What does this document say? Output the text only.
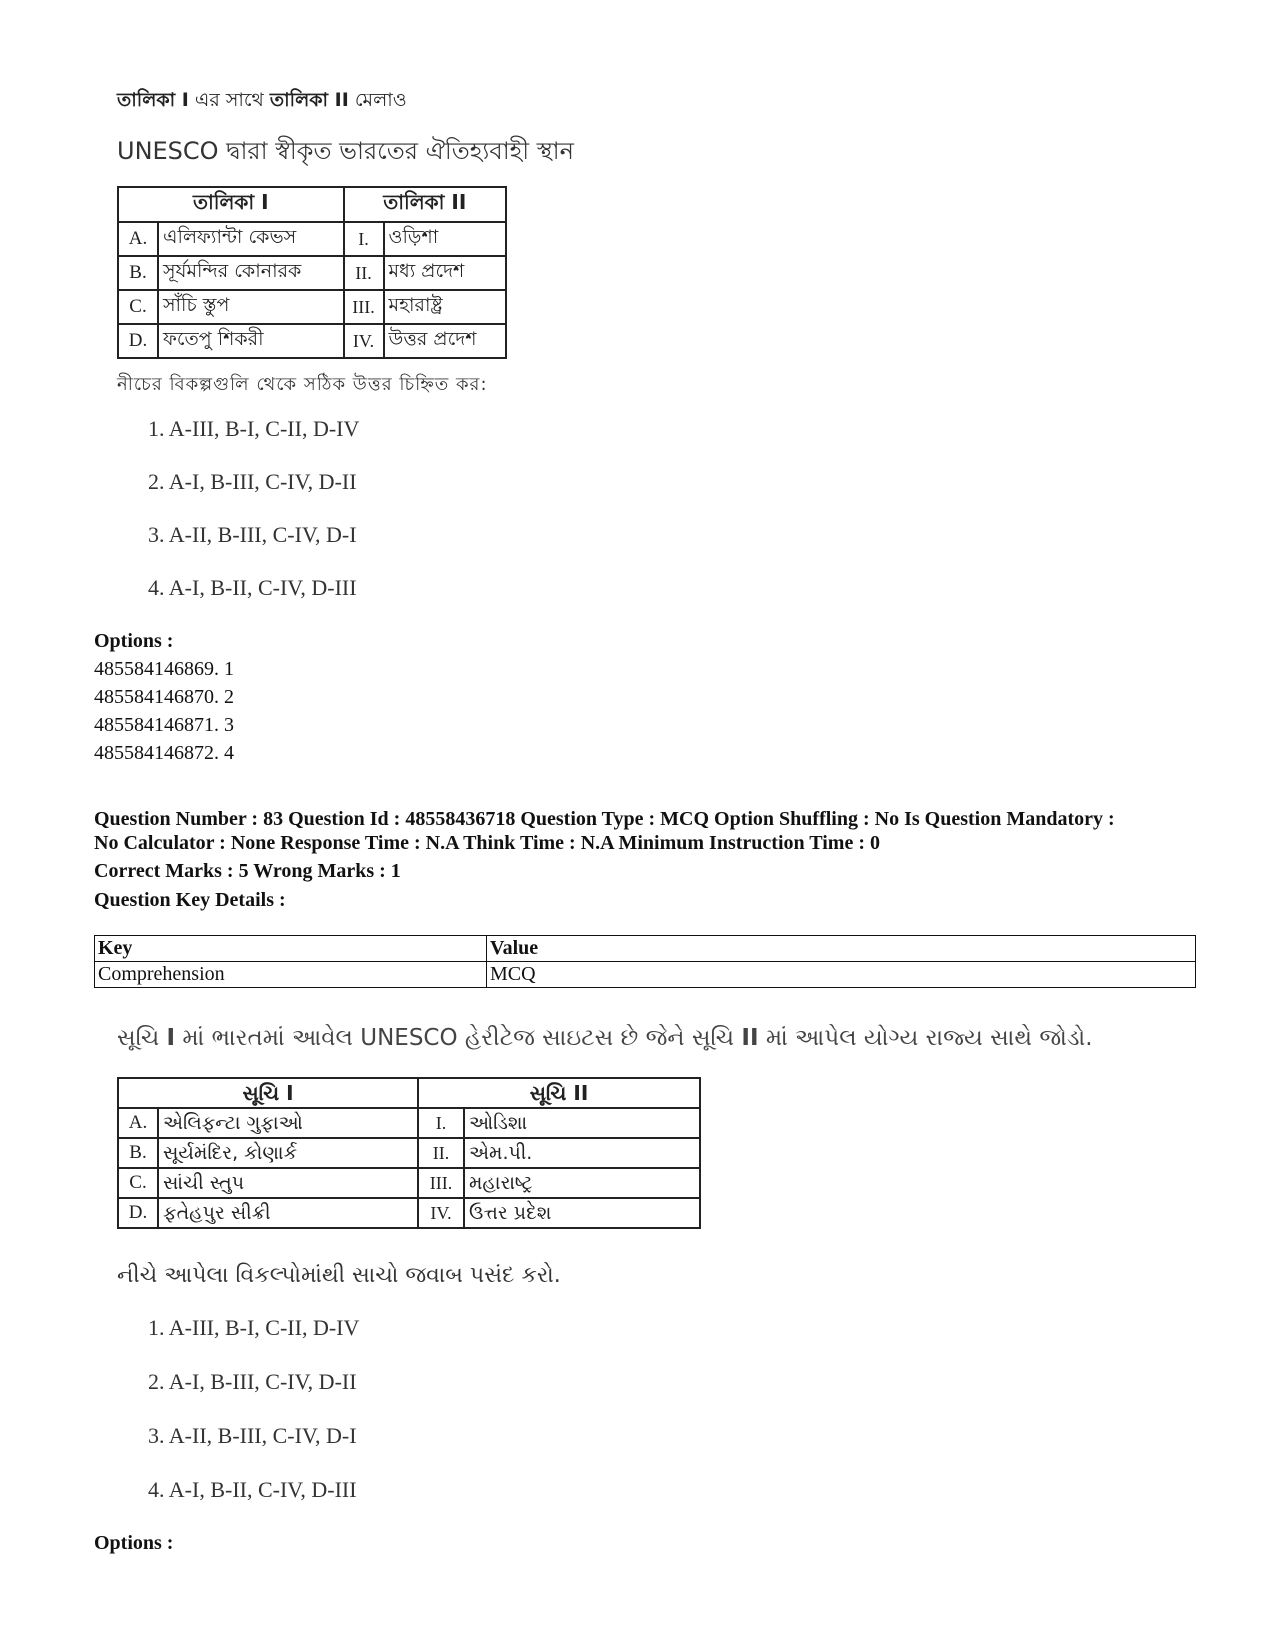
তালিকা I এর সাথে তালিকা II মেলাও
UNESCO দ্বারা স্বীকৃত ভারতের ঐতিহ্যবাহী স্থান
তালিকা I		তালিকা II	
A.	এলিফ্যান্টা কেভস	I.	ওড়িশা
B.	সূর্যমন্দির কোনারক	II.	মধ্য প্রদেশ
C.	সাঁচি স্তুপ	III.	মহারাষ্ট্র
D.	ফতেপু শিকরী	IV.	উত্তর প্রদেশ
নীচের বিকল্পগুলি থেকে সঠিক উত্তর চিহ্নিত কর:
1. A-III, B-I, C-II, D-IV
2. A-I, B-III, C-IV, D-II
3. A-II, B-III, C-IV, D-I
4. A-I, B-II, C-IV, D-III
Options :
485584146869. 1
485584146870. 2
485584146871. 3
485584146872. 4
Question Number : 83 Question Id : 48558436718 Question Type : MCQ Option Shuffling : No Is Question Mandatory :
No Calculator : None Response Time : N.A Think Time : N.A Minimum Instruction Time : 0
Correct Marks : 5 Wrong Marks : 1
Question Key Details :
Key	Value
Comprehension	MCQ
સૂચિ I માં ભારતમાં આવેલ UNESCO હેરીટેજ સાઇટસ છે જેને સૂચિ II માં આપેલ યોગ્ય રાજ્ય સાથે જોડો.
સૂચિ I		સૂચિ II	
A.	એલિફન્ટા ગુફાઓ	I.	ઓડિશા
B.	સૂર્યમંદિર, કોણાર્ક	II.	એમ.પી.
C.	સાંચી સ્તુપ	III.	મહારાષ્ટ્ર
D.	ફતેહપુર સીક્રી	IV.	ઉત્તર પ્રદેશ
નીચે આપેલા વિકલ્પોમાંથી સાચો જવાબ પસંદ કરો.
1. A-III, B-I, C-II, D-IV
2. A-I, B-III, C-IV, D-II
3. A-II, B-III, C-IV, D-I
4. A-I, B-II, C-IV, D-III
Options :
